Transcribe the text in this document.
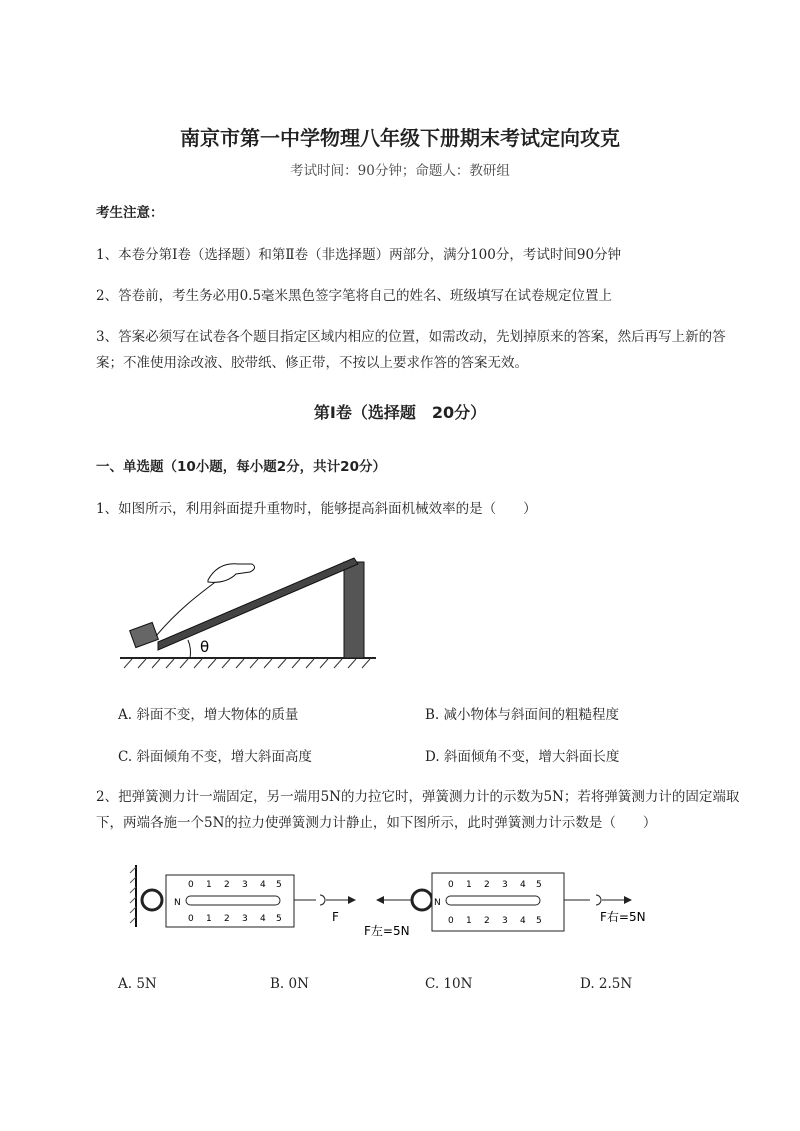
南京市第一中学物理八年级下册期末考试定向攻克
考试时间：90分钟；命题人：教研组
考生注意：
1、本卷分第Ⅰ卷（选择题）和第Ⅱ卷（非选择题）两部分，满分100分，考试时间90分钟
2、答卷前，考生务必用0.5毫米黑色签字笔将自己的姓名、班级填写在试卷规定位置上
3、答案必须写在试卷各个题目指定区域内相应的位置，如需改动，先划掉原来的答案，然后再写上新的答案；不准使用涂改液、胶带纸、修正带，不按以上要求作答的答案无效。
第Ⅰ卷（选择题　20分）
一、单选题（10小题，每小题2分，共计20分）
1、如图所示，利用斜面提升重物时，能够提高斜面机械效率的是（　　）
θ
A. 斜面不变，增大物体的质量	B. 减小物体与斜面间的粗糙程度
C. 斜面倾角不变，增大斜面高度	D. 斜面倾角不变，增大斜面长度
2、把弹簧测力计一端固定，另一端用5N的力拉它时，弹簧测力计的示数为5N；若将弹簧测力计的固定端取下，两端各施一个5N的拉力使弹簧测力计静止，如下图所示，此时弹簧测力计示数是（　　）
N
F
N
F左=5N
F右=5N
0 1 2 3 4 5
0 1 2 3 4 5
0 1 2 3 4 5
0 1 2 3 4 5
A. 5N	B. 0N	C. 10N	D. 2.5N
